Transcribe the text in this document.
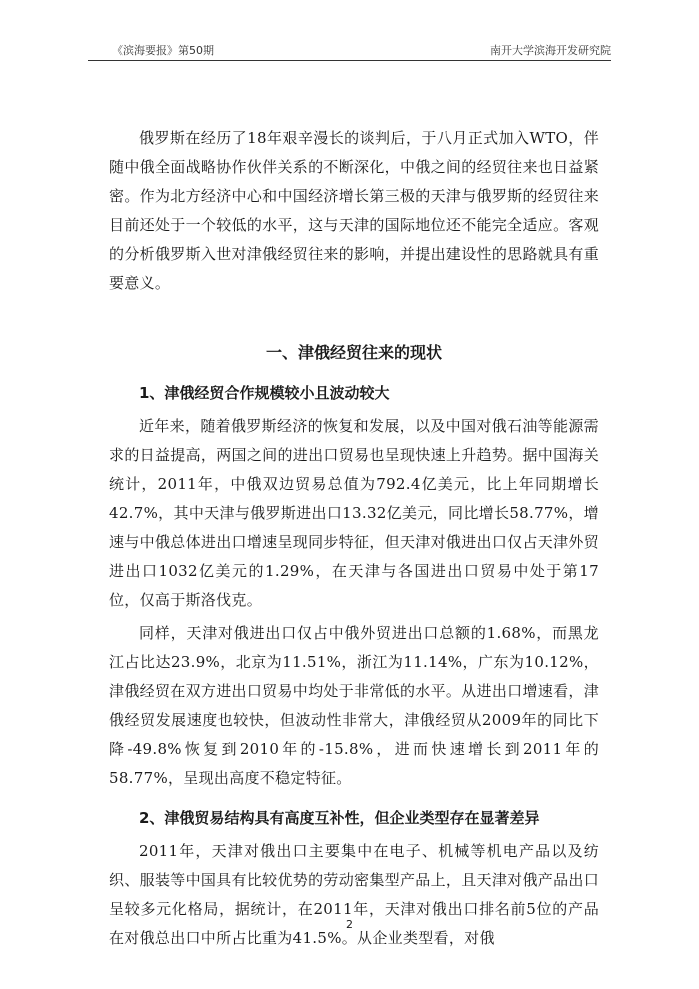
《滨海要报》第50期	南开大学滨海开发研究院

俄罗斯在经历了18年艰辛漫长的谈判后，于八月正式加入WTO，伴随中俄全面战略协作伙伴关系的不断深化，中俄之间的经贸往来也日益紧密。作为北方经济中心和中国经济增长第三极的天津与俄罗斯的经贸往来目前还处于一个较低的水平，这与天津的国际地位还不能完全适应。客观的分析俄罗斯入世对津俄经贸往来的影响，并提出建设性的思路就具有重要意义。

一、津俄经贸往来的现状
1、津俄经贸合作规模较小且波动较大

近年来，随着俄罗斯经济的恢复和发展，以及中国对俄石油等能源需求的日益提高，两国之间的进出口贸易也呈现快速上升趋势。据中国海关统计，2011年，中俄双边贸易总值为792.4亿美元，比上年同期增长42.7%，其中天津与俄罗斯进出口13.32亿美元，同比增长58.77%，增速与中俄总体进出口增速呈现同步特征，但天津对俄进出口仅占天津外贸进出口1032亿美元的1.29%，在天津与各国进出口贸易中处于第17位，仅高于斯洛伐克。

同样，天津对俄进出口仅占中俄外贸进出口总额的1.68%，而黑龙江占比达23.9%，北京为11.51%，浙江为11.14%，广东为10.12%，津俄经贸在双方进出口贸易中均处于非常低的水平。从进出口增速看，津俄经贸发展速度也较快，但波动性非常大，津俄经贸从2009年的同比下降-49.8%恢复到2010年的-15.8%，进而快速增长到2011年的58.77%，呈现出高度不稳定特征。

2、津俄贸易结构具有高度互补性，但企业类型存在显著差异

2011年，天津对俄出口主要集中在电子、机械等机电产品以及纺织、服装等中国具有比较优势的劳动密集型产品上，且天津对俄产品出口呈较多元化格局，据统计，在2011年，天津对俄出口排名前5位的产品在对俄总出口中所占比重为41.5%。从企业类型看，对俄

2
